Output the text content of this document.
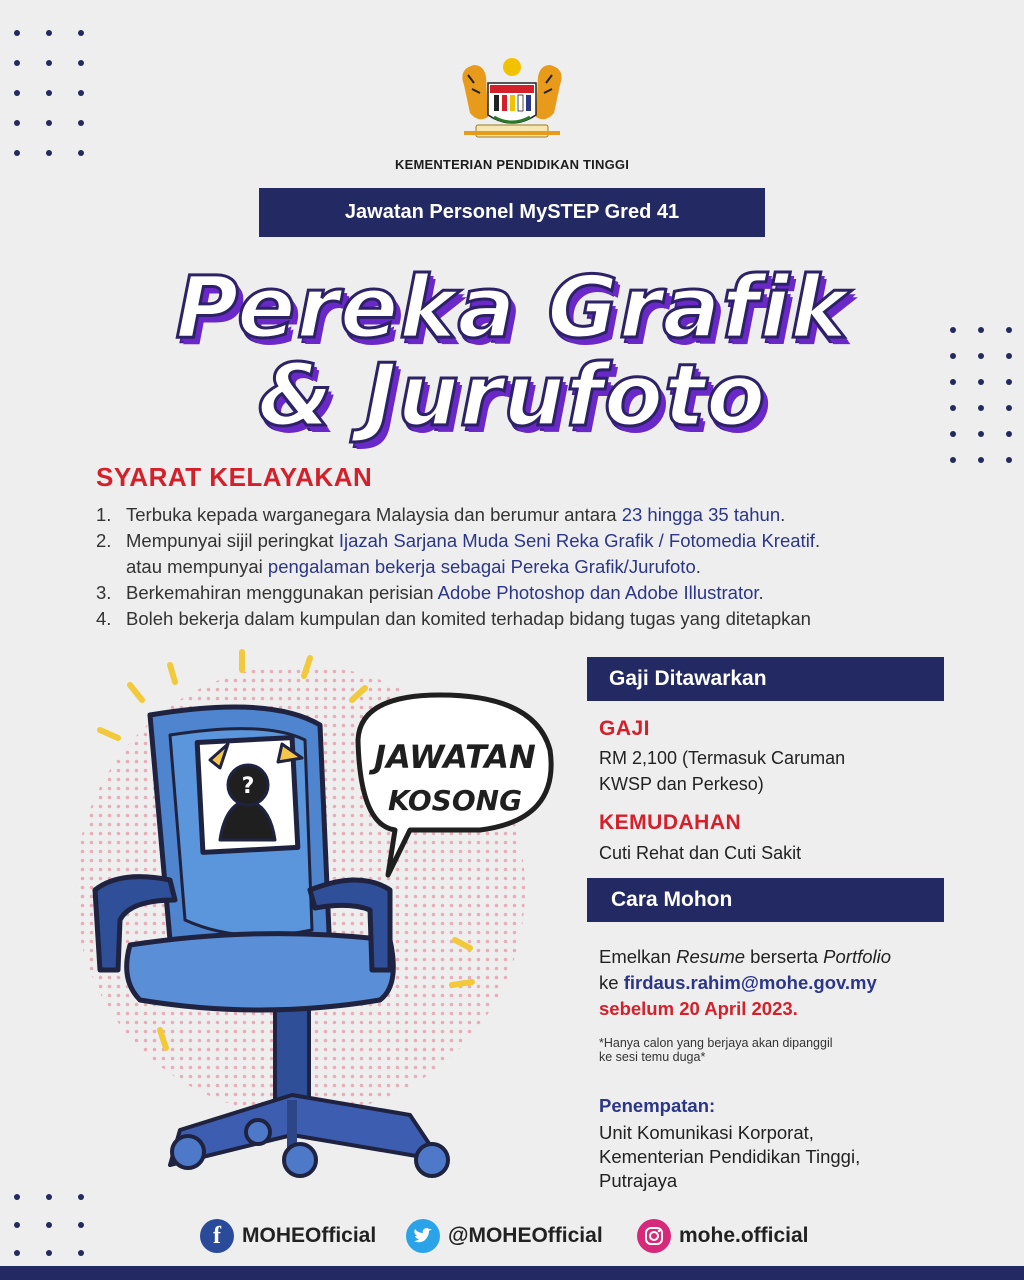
KEMENTERIAN PENDIDIKAN TINGGI
Jawatan Personel MySTEP Gred 41
Pereka Grafik
& Jurufoto
SYARAT KELAYAKAN
1. Terbuka kepada warganegara Malaysia dan berumur antara 23 hingga 35 tahun.
2. Mempunyai sijil peringkat Ijazah Sarjana Muda Seni Reka Grafik / Fotomedia Kreatif.
atau mempunyai pengalaman bekerja sebagai Pereka Grafik/Jurufoto.
3. Berkemahiran menggunakan perisian Adobe Photoshop dan Adobe Illustrator.
4. Boleh bekerja dalam kumpulan dan komited terhadap bidang tugas yang ditetapkan
?
JAWATAN
KOSONG
Gaji Ditawarkan
GAJI
RM 2,100 (Termasuk Caruman
KWSP dan Perkeso)
KEMUDAHAN
Cuti Rehat dan Cuti Sakit
Cara Mohon
Emelkan Resume berserta Portfolio
ke firdaus.rahim@mohe.gov.my
sebelum 20 April 2023.
*Hanya calon yang berjaya akan dipanggil
ke sesi temu duga*
Penempatan:
Unit Komunikasi Korporat,
Kementerian Pendidikan Tinggi,
Putrajaya
f	MOHEOfficial	@MOHEOfficial	mohe.official
